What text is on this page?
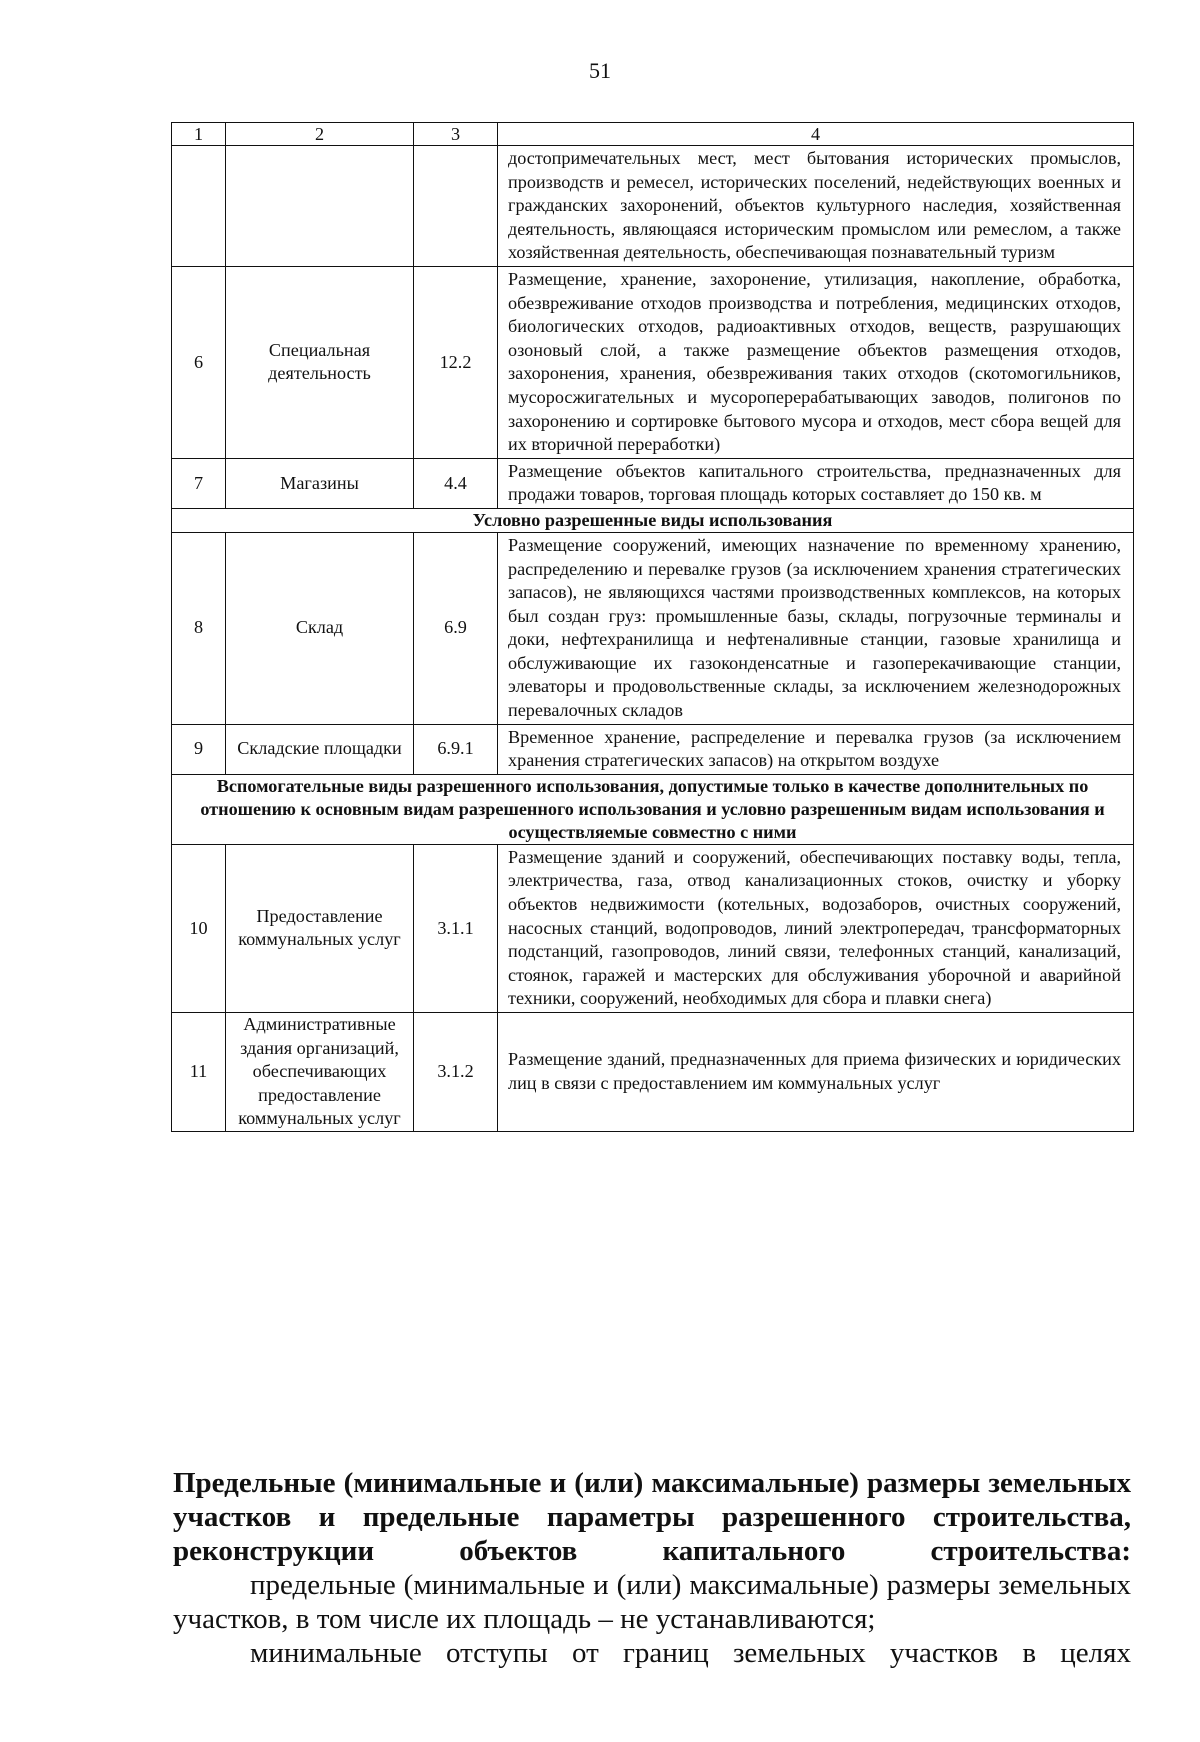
51
1	2	3	4
			достопримечательных мест, мест бытования исторических промыслов, производств и ремесел, исторических поселений, недействующих военных и гражданских захоронений, объектов культурного наследия, хозяйственная деятельность, являющаяся историческим промыслом или ремеслом, а также хозяйственная деятельность, обеспечивающая познавательный туризм
6	Специальная деятельность	12.2	Размещение, хранение, захоронение, утилизация, накопление, обработка, обезвреживание отходов производства и потребления, медицинских отходов, биологических отходов, радиоактивных отходов, веществ, разрушающих озоновый слой, а также размещение объектов размещения отходов, захоронения, хранения, обезвреживания таких отходов (скотомогильников, мусоросжигательных и мусороперерабатывающих заводов, полигонов по захоронению и сортировке бытового мусора и отходов, мест сбора вещей для их вторичной переработки)
7	Магазины	4.4	Размещение объектов капитального строительства, предназначенных для продажи товаров, торговая площадь которых составляет до 150 кв. м
Условно разрешенные виды использования			
8	Склад	6.9	Размещение сооружений, имеющих назначение по временному хранению, распределению и перевалке грузов (за исключением хранения стратегических запасов), не являющихся частями производственных комплексов, на которых был создан груз: промышленные базы, склады, погрузочные терминалы и доки, нефтехранилища и нефтеналивные станции, газовые хранилища и обслуживающие их газоконденсатные и газоперекачивающие станции, элеваторы и продовольственные склады, за исключением железнодорожных перевалочных складов
9	Складские площадки	6.9.1	Временное хранение, распределение и перевалка грузов (за исключением хранения стратегических запасов) на открытом воздухе
Вспомогательные виды разрешенного использования, допустимые только в качестве дополнительных по отношению к основным видам разрешенного использования и условно разрешенным видам использования и осуществляемые совместно с ними			
10	Предоставление коммунальных услуг	3.1.1	Размещение зданий и сооружений, обеспечивающих поставку воды, тепла, электричества, газа, отвод канализационных стоков, очистку и уборку объектов недвижимости (котельных, водозаборов, очистных сооружений, насосных станций, водопроводов, линий электропередач, трансформаторных подстанций, газопроводов, линий связи, телефонных станций, канализаций, стоянок, гаражей и мастерских для обслуживания уборочной и аварийной техники, сооружений, необходимых для сбора и плавки снега)
11	Административные здания организаций, обеспечивающих предоставление коммунальных услуг	3.1.2	Размещение зданий, предназначенных для приема физических и юридических лиц в связи с предоставлением им коммунальных услуг

Предельные (минимальные и (или) максимальные) размеры земельных участков и предельные параметры разрешенного строительства, реконструкции объектов капитального строительства:

предельные (минимальные и (или) максимальные) размеры земельных участков, в том числе их площадь – не устанавливаются;

минимальные отступы от границ земельных участков в целях
